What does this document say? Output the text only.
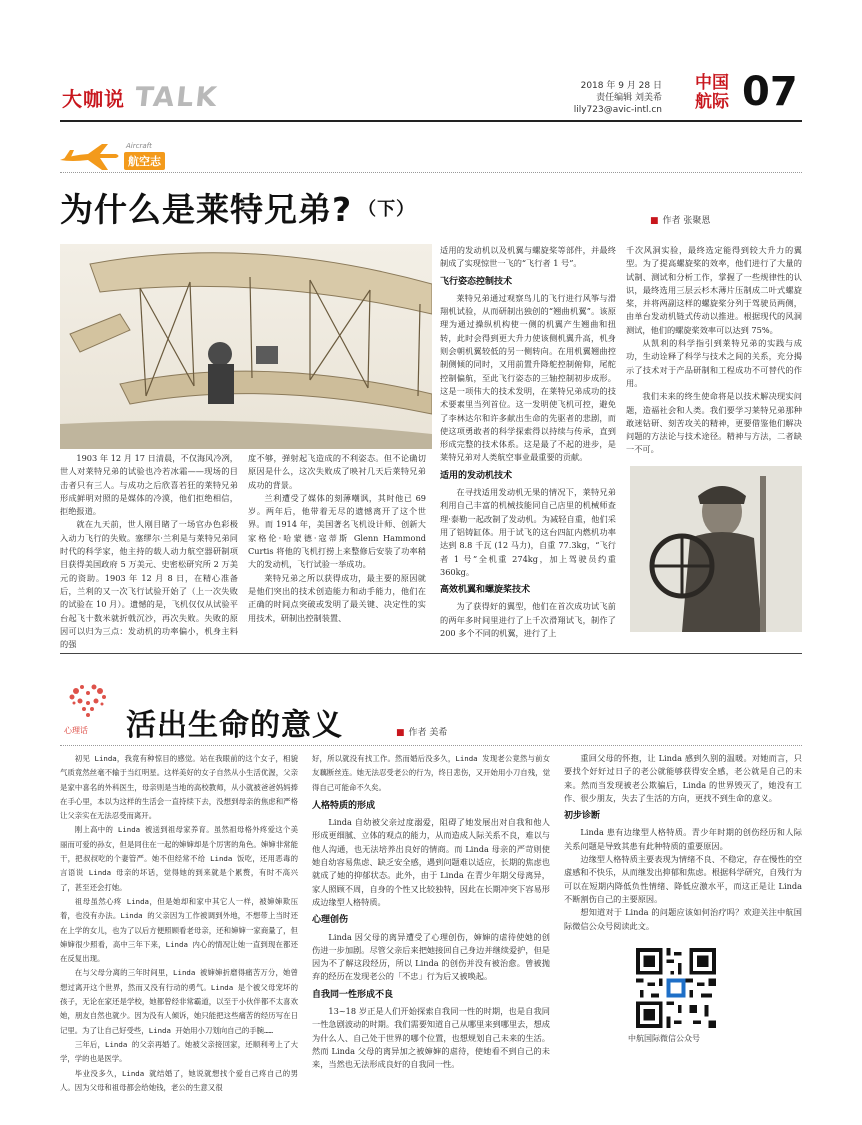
大咖说 TALK	2018 年 9 月 28 日
责任编辑 刘美希
lily723@avic-intl.cn
中国
航际 07
Aircraft
航空志
为什么是莱特兄弟? $^{(下)}$
■ 作者 张聚恩

1903 年 12 月 17 日清晨，不仅海风冷冽，世人对莱特兄弟的试验也冷若冰霜——现场的目击者只有三人。与成功之后欣喜若狂的莱特兄弟形成鲜明对照的是媒体的冷漠，他们拒绝相信，拒绝报道。

就在九天前，世人刚目睹了一场官办色彩极入动力飞行的失败。塞缪尔·兰利是与莱特兄弟同时代的科学家，他主持的载人动力航空器研制项目获得美国政府 5 万美元、史密松研究所 2 万美元的资助。1903 年 12 月 8 日，在精心准备后，兰利的又一次飞行试验开始了（上一次失败的试验在 10 月）。遗憾的是，飞机仅仅从试验平台起飞十数米就折戟沉沙，再次失败。失败的原因可以归为三点：发动机的功率偏小，机身主料的强

度不够，弹射起飞造成的不利姿态。但不论确切原因是什么，这次失败成了映衬几天后莱特兄弟成功的背景。

兰利遭受了媒体的刻薄嘲讽，其时他已 69 岁。两年后，他带着无尽的遗憾离开了这个世界。而 1914 年，美国著名飞机设计师、创新大家格伦·哈蒙德·寇蒂斯 Glenn Hammond Curtis 将他的飞机打捞上来整修后安装了功率稍大的发动机，飞行试验一举成功。

莱特兄弟之所以获得成功，最主要的原因就是他们突出的技术创造能力和动手能力，他们在正确的时间点突破或发明了最关键、决定性的实用技术，研制出控制装置、

适用的发动机以及机翼与螺旋桨等部件，并最终制成了实现惊世一飞的“飞行者 1 号”。

飞行姿态控制技术

莱特兄弟通过观察鸟儿的飞行进行风筝与滑翔机试验，从而研制出独创的“翘曲机翼”。该原理为通过操纵机构使一侧的机翼产生翘曲和扭转，此时会得到更大升力使该侧机翼升高，机身则会朝机翼较低的另一侧转向。在用机翼翘曲控制侧倾的同时，又用前置升降舵控制俯仰，尾舵控制偏航，至此飞行姿态的三轴控制初步成形。这是一项伟大的技术发明，在莱特兄弟成功的技术要素里当列首位。这一发明使飞机可控，避免了李林达尔和许多献出生命的先驱者的悲剧，而使这项勇敢者的科学探索得以持续与传承，直到形成完整的技术体系。这是最了不起的进步，是莱特兄弟对人类航空事业最重要的贡献。

适用的发动机技术

在寻找适用发动机无果的情况下，莱特兄弟利用自己丰富的机械技能同自己店里的机械师查理·泰勒一起改制了发动机。为减轻自重，他们采用了铝铸缸体。用于试飞的这台四缸内燃机功率达到 8.8 千瓦 (12 马力)，自重 77.3kg，“飞行者 1 号”全机重 274kg，加上驾驶员约重 360kg。

高效机翼和螺旋桨技术

为了获得好的翼型，他们在首次成功试飞前的两年多时间里进行了上千次滑翔试飞，制作了 200 多个不同的机翼，进行了上

千次风洞实验，最终选定能得到较大升力的翼型。为了提高螺旋桨的效率，他们进行了大量的试制、测试和分析工作，掌握了一些规律性的认识，最终选用三层云杉木薄片压制成二叶式螺旋桨，并将两副这样的螺旋桨分列于驾驶员两侧，由单台发动机链式传动以推进。根据现代的风洞测试，他们的螺旋桨效率可以达到 75%。

从凯利的科学指引到莱特兄弟的实践与成功，生动诠释了科学与技术之间的关系，充分揭示了技术对于产品研制和工程成功不可替代的作用。

我们未来的终生使命将是以技术解决现实问题，造福社会和人类。我们要学习莱特兄弟那种敢迷钻研、刻苦攻关的精神，更要借鉴他们解决问题的方法论与技术途径。精神与方法，二者缺一不可。

心理话 活出生命的意义	■ 作者 美希

初见 Linda，我竟有种惊目的感觉。站在我眼前的这个女子，相貌气质竟然丝毫不输于当红明星。这样美好的女子自然从小生活优渥，父亲是家中喜名的外科医生，母亲则是当地的高校教师，从小就被爸爸妈妈捧在手心里，本以为这样的生活会一直持续下去，没想到母亲的焦虑和严格让父亲实在无法忍受而离开。

刚上高中的 Linda 被送到祖母家养育。虽然祖母格外疼爱这个美丽而可爱的孙女，但是同住在一起的婶婶却是个厉害的角色。婶婶非常能干，把叔叔吃的个妻管严。她不但经常不给 Linda 饭吃，还用恶毒的言语说 Linda 母亲的坏话，觉得她的到来就是个累赘，有时不高兴了，甚至还会打她。

祖母虽然心疼 Linda，但是她却和家中其它人一样，被婶婶欺压着，也没有办法。Linda 的父亲因为工作被调到外地，不想带上当时还在上学的女儿，也为了以后方便照顾看老母亲，还和婶婶一家商量了，但婶婶很少照看，高中三年下来，Linda 内心的情况让她一直到现在都还在反复出现。

在与父母分离的三年时间里，Linda 被婶婶折磨得痛苦万分，她曾想过离开这个世界，然而又没有行动的勇气。Linda 是个被父母宠坏的孩子，无论在家还是学校，她都曾经非常霸道，以至于小伙伴都不太喜欢她，朋友自然也就少。因为没有人倾诉，她只能把这些痛苦的经历写在日记里。为了让自己好受些，Linda 开始用小刀划向自己的手腕……

三年后，Linda 的父亲再婚了。她被父亲接回家，还顺利考上了大学，学的也是医学。

毕业没多久，Linda 就结婚了，她说就想找个爱自己疼自己的男人。因为父母和祖母都会给她钱，老公的生意又很

好，所以就没有找工作。然而婚后没多久，Linda 发现老公竟然与前女友藕断丝连。她无法忍受老公的行为，终日悲伤，又开始用小刀自残，觉得自己可能命不久矣。

人格特质的形成

Linda 自幼被父亲过度溺爱，阻碍了她发展出对自我和他人形成更细腻、立体的观点的能力，从而造成人际关系不良，难以与他人沟通，也无法培养出良好的情商。而 Linda 母亲的严苛则使她自幼容易焦虑、缺乏安全感，遇到问题难以适应，长期的焦虑也就成了她的抑郁状态。此外，由于 Linda 在青少年期父母离异，家人照顾不周，自身的个性又比较独特，因此在长期冲突下容易形成边缘型人格特质。

心理创伤

Linda 因父母的离异遭受了心理创伤，婶婶的虐待使她的创伤进一步加剧。尽管父亲后来把她接回自己身边并继续爱护，但是因为不了解这段经历，所以 Linda 的创伤并没有被治愈。曾被抛弃的经历在发现老公的「不忠」行为后又被唤起。

自我同一性形成不良

13~18 岁正是人们开始探索自我同一性的时期，也是自我同一性急剧波动的时期。我们需要知道自己从哪里来到哪里去，想成为什么人、自己处于世界的哪个位置，也想规划自己未来的生活。然而 Linda 父母的离异加之被婶婶的虐待，使她看不到自己的未来，当然也无法形成良好的自我同一性。

重回父母的怀抱，让 Linda 感到久别的温暖。对她而言，只要找个好好过日子的老公就能够获得安全感，老公就是自己的未来。然而当发现被老公欺骗后，Linda 的世界毁灭了，她没有工作、很少朋友，失去了生活的方向，更找不到生命的意义。

初步诊断

Linda 患有边缘型人格特质。青少年时期的创伤经历和人际关系问题是导致其患有此种特质的重要原因。

边缘型人格特质主要表现为情绪不良、不稳定，存在慢性的空虚感和不快乐，从而继发出抑郁和焦虑。根据科学研究，自残行为可以在短期内降低负性情绪、降低应激水平，而这正是让 Linda 不断割伤自己的主要原因。

想知道对于 Linda 的问题应该如何治疗吗？欢迎关注中航国际微信公众号阅读此文。

中航国际微信公众号
